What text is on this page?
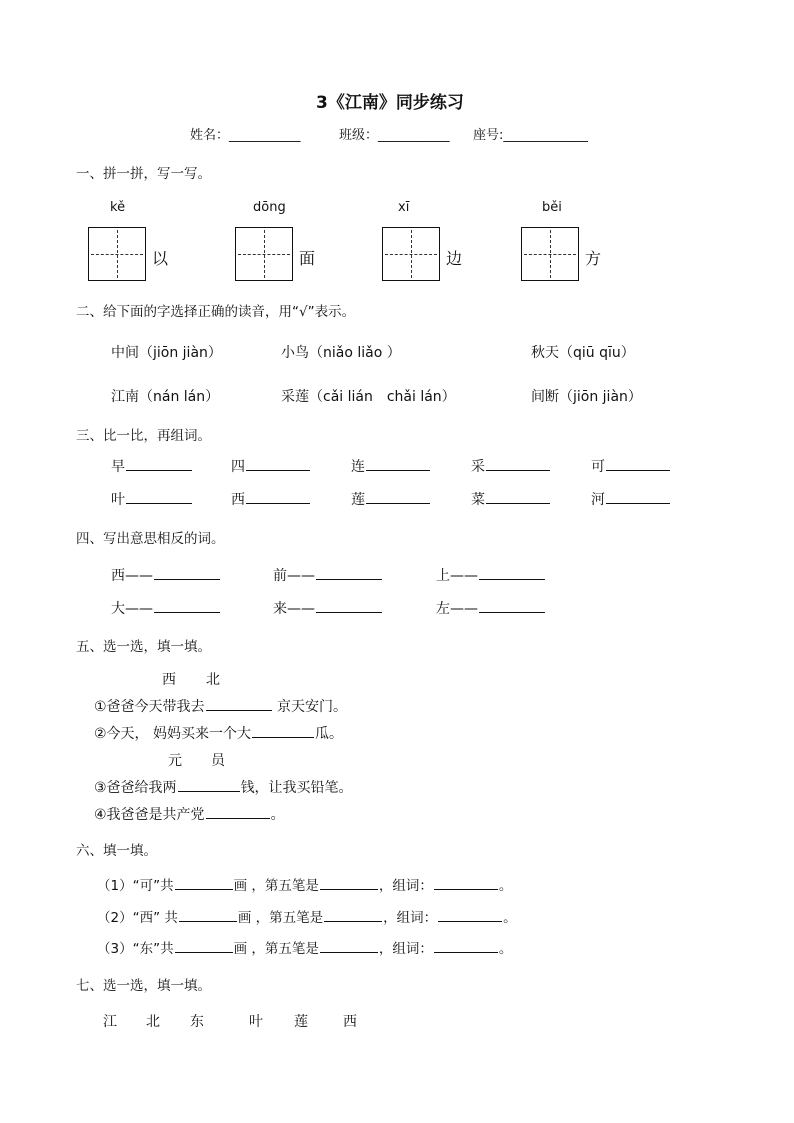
3《江南》同步练习
姓名：___________	班级：___________ 座号:_____________
一、拼一拼，写一写。
kě
以
dōng
面
xī
边
běi
方
二、给下面的字选择正确的读音，用“√”表示。
中间（jiōn jiàn）	小鸟（niǎo liǎo ）	秋天（qiū qīu）
江南（nán lán）	采莲（cǎi lián　chǎi lán）	间断（jiōn jiàn）
三、比一比，再组词。
早	四	连	采	可
叶	西	莲	菜	河
四、写出意思相反的词。
西——	前——	上——
大——	来——	左——
五、选一选，填一填。
西 北
①爸爸今天带我去	京天安门。
②今天， 妈妈买来一个大	瓜。
元 员
③爸爸给我两	钱，让我买铅笔。
④我爸爸是共产党	。
六、填一填。
（1）“可”共	画 ，第五笔是	，组词：	。
（2）“西” 共	画 ，第五笔是	，组词：	。
（3）“东”共	画 ，第五笔是	，组词：	。
七、选一选，填一填。
江 北 东	叶 莲	西
